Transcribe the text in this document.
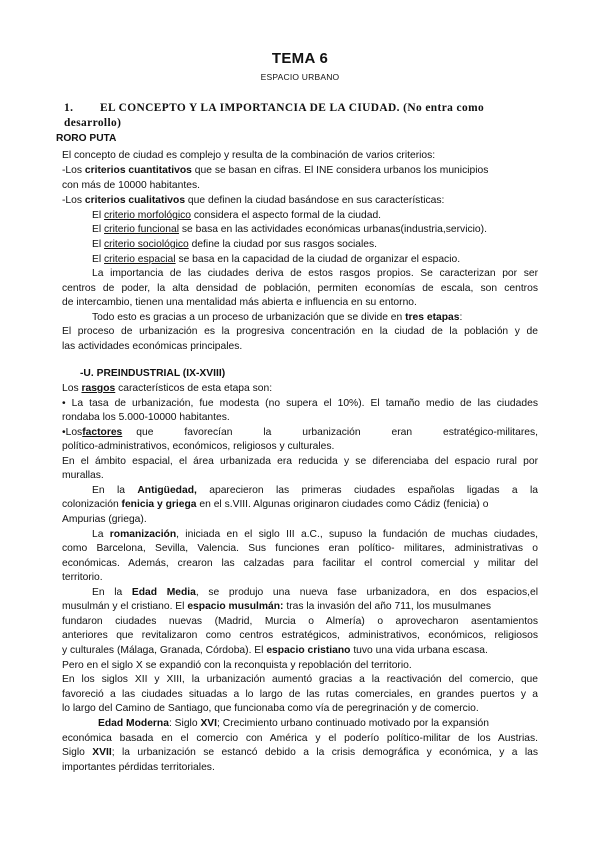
TEMA 6
ESPACIO URBANO
1. EL CONCEPTO Y LA IMPORTANCIA DE LA CIUDAD. (No entra como
desarrollo)
RORO PUTA
El concepto de ciudad es complejo y resulta de la combinación de varios criterios:
-Los criterios cuantitativos que se basan en cifras. El INE considera urbanos los municipios
con más de 10000 habitantes.
-Los criterios cualitativos que definen la ciudad basándose en sus características:
El criterio morfológico considera el aspecto formal de la ciudad.
El criterio funcional se basa en las actividades económicas urbanas(industria,servicio).
El criterio sociológico define la ciudad por sus rasgos sociales.
El criterio espacial se basa en la capacidad de la ciudad de organizar el espacio.
La importancia de las ciudades deriva de estos rasgos propios. Se caracterizan por ser
centros de poder, la alta densidad de población, permiten economías de escala, son centros
de intercambio, tienen una mentalidad más abierta e influencia en su entorno.
Todo esto es gracias a un proceso de urbanización que se divide en tres etapas:
El proceso de urbanización es la progresiva concentración en la ciudad de la población y de
las actividades económicas principales.
-U. PREINDUSTRIAL (IX-XVIII)
Los rasgos característicos de esta etapa son:
• La tasa de urbanización, fue modesta (no supera el 10%). El tamaño medio de las ciudades
rondaba los 5.000-10000 habitantes.
•Los factores que favorecían la urbanización eran estratégico-militares,
político-administrativos, económicos, religiosos y culturales.
En el ámbito espacial, el área urbanizada era reducida y se diferenciaba del espacio rural por
murallas.
En la Antigüedad, aparecieron las primeras ciudades españolas ligadas a la
colonización fenicia y griega en el s.VIII. Algunas originaron ciudades como Cádiz (fenicia) o
Ampurias (griega).
La romanización, iniciada en el siglo III a.C., supuso la fundación de muchas ciudades,
como Barcelona, Sevilla, Valencia. Sus funciones eran político- militares, administrativas o
económicas. Además, crearon las calzadas para facilitar el control comercial y militar del
territorio.
En la Edad Media, se produjo una nueva fase urbanizadora, en dos espacios,el
musulmán y el cristiano. El espacio musulmán: tras la invasión del año 711, los musulmanes
fundaron ciudades nuevas (Madrid, Murcia o Almería) o aprovecharon asentamientos
anteriores que revitalizaron como centros estratégicos, administrativos, económicos, religiosos
y culturales (Málaga, Granada, Córdoba). El espacio cristiano tuvo una vida urbana escasa.
Pero en el siglo X se expandió con la reconquista y repoblación del territorio.
En los siglos XII y XIII, la urbanización aumentó gracias a la reactivación del comercio, que
favoreció a las ciudades situadas a lo largo de las rutas comerciales, en grandes puertos y a
lo largo del Camino de Santiago, que funcionaba como vía de peregrinación y de comercio.
Edad Moderna: Siglo XVI; Crecimiento urbano continuado motivado por la expansión
económica basada en el comercio con América y el poderío político-militar de los Austrias.
Siglo XVII; la urbanización se estancó debido a la crisis demográfica y económica, y a las
importantes pérdidas territoriales.
